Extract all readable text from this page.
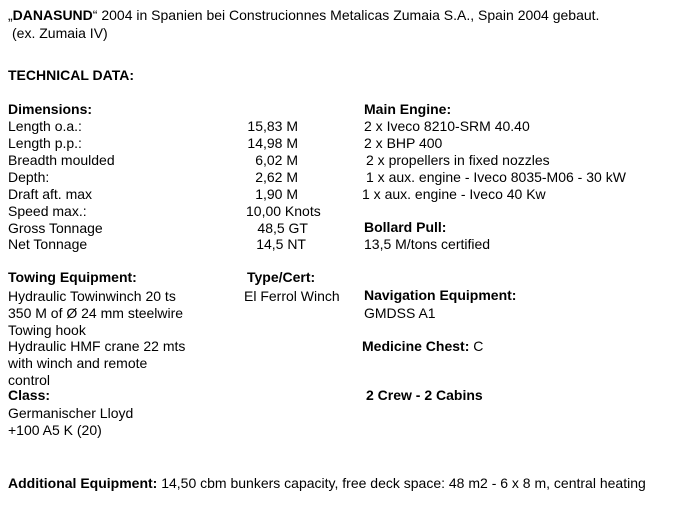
„DANASUND“ 2004 in Spanien bei Construcionnes Metalicas Zumaia S.A., Spain 2004 gebaut.
(ex. Zumaia IV)
TECHNICAL DATA:
Dimensions:
Length o.a.:
Length p.p.:
Breadth moulded
Depth:
Draft aft. max
Speed max.:
Gross Tonnage
Net Tonnage
15,83 M
14,98 M
6,02 M
2,62 M
1,90 M
10,00 Knots
48,5 GT
14,5 NT
Main Engine:
2 x Iveco 8210-SRM 40.40
2 x BHP 400
2 x propellers in fixed nozzles
1 x aux. engine - Iveco 8035-M06 - 30 kW
1 x aux. engine - Iveco 40 Kw
Bollard Pull:
13,5 M/tons certified
Towing Equipment:
Hydraulic Towinwinch 20 ts
350 M of Ø 24 mm steelwire
Towing hook
Hydraulic HMF crane 22 mts
with winch and remote
control
Type/Cert:
El Ferrol Winch Navigation Equipment:
GMDSS A1
Medicine Chest: C
Class:
Germanischer Lloyd
+100 A5 K (20)
2 Crew - 2 Cabins
Additional Equipment: 14,50 cbm bunkers capacity, free deck space: 48 m2 - 6 x 8 m, central heating
